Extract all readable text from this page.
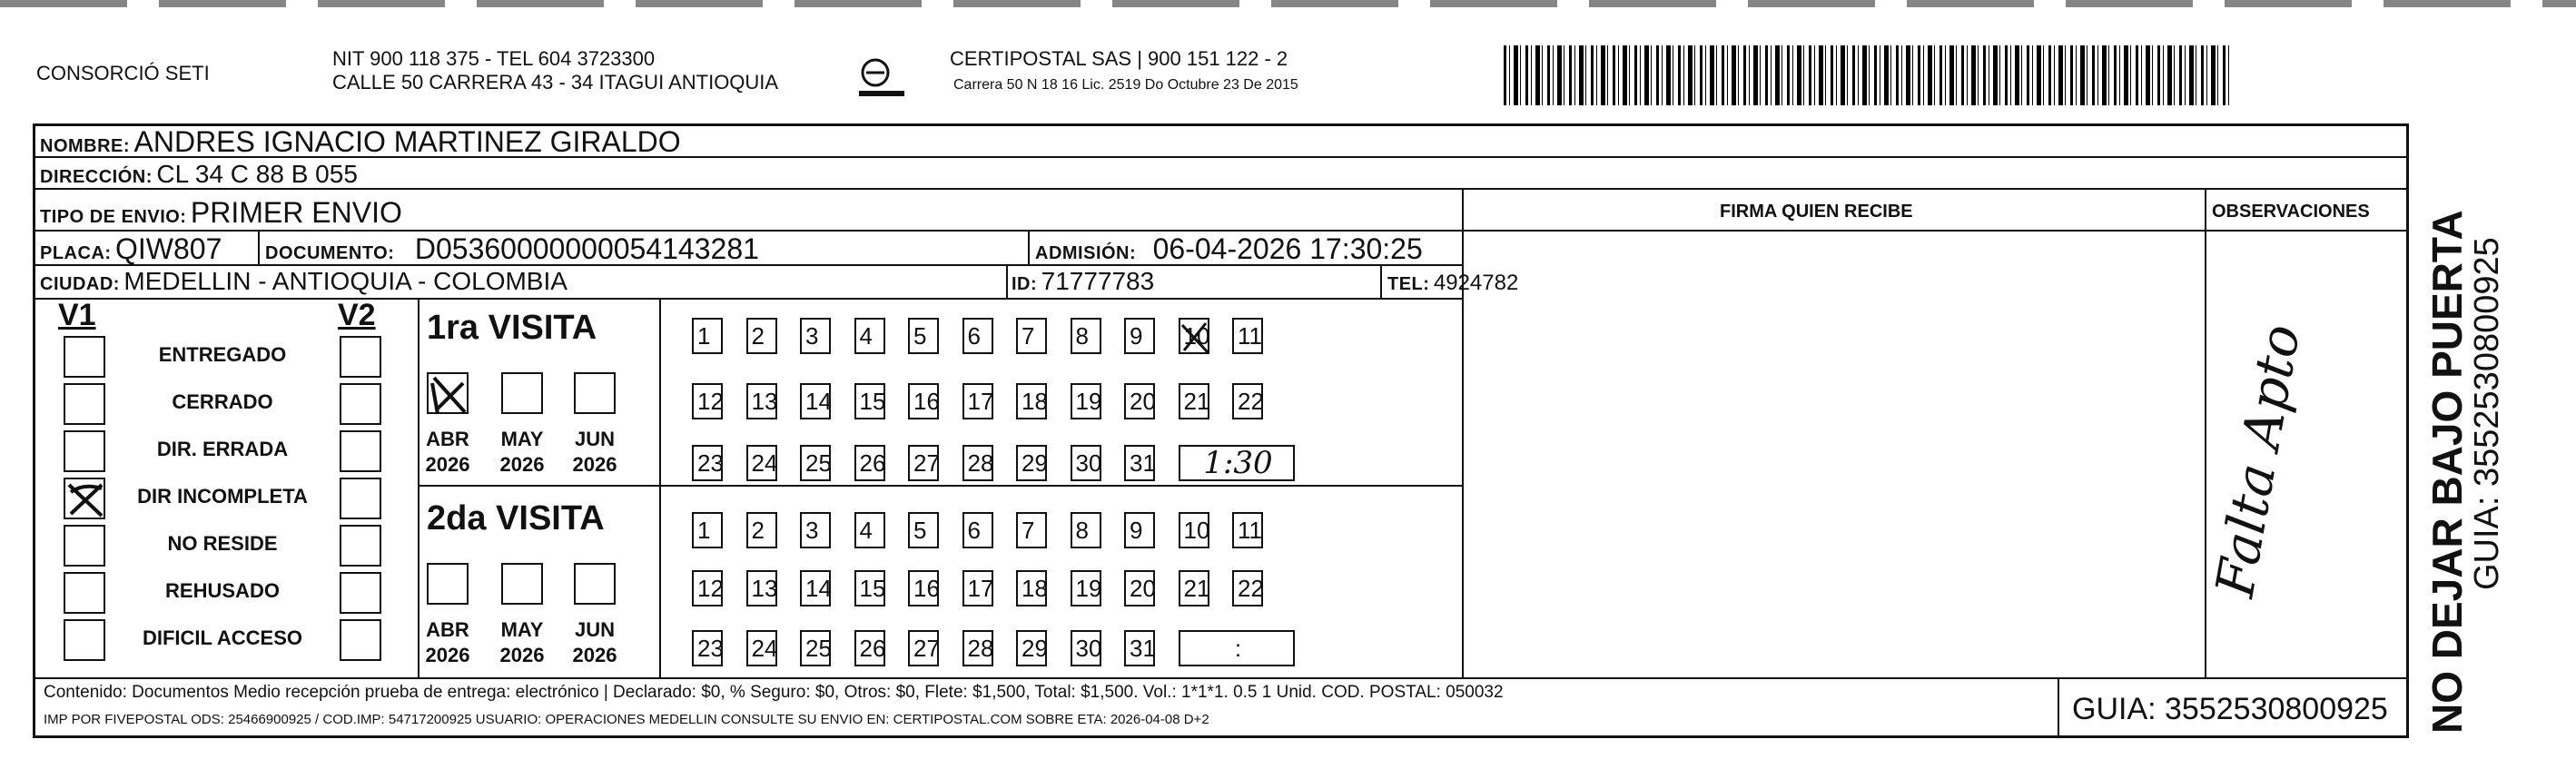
CONSORCIÓ SETI
NIT 900 118 375 - TEL 604 3723300
CALLE 50 CARRERA 43 - 34 ITAGUI ANTIOQUIA
CERTIPOSTAL SAS | 900 151 122 - 2
Carrera 50 N 18 16 Lic. 2519 Do Octubre 23 De 2015
NOMBRE: ANDRES IGNACIO MARTINEZ GIRALDO
DIRECCIÓN: CL 34 C 88 B 055
TIPO DE ENVIO: PRIMER ENVIO	FIRMA QUIEN RECIBE	OBSERVACIONES
PLACA: QIW807 DOCUMENTO: D05360000000054143281	ADMISIÓN: 06-04-2026 17:30:25
CIUDAD: MEDELLIN - ANTIOQUIA - COLOMBIA	ID: 71777783	TEL: 4924782
V1	V2
ENTREGADO
CERRADO
DIR. ERRADA
DIR INCOMPLETA
NO RESIDE
REHUSADO
DIFICIL ACCESO
1ra VISITA
2da VISITA
ABR
2026
MAY
2026
JUN
2026
ABR
2026
MAY
2026
JUN
2026
1	2	3	4	5	6	7	8	9	10 11
12 13 14 15 16 17 18 19 20 21 22
23 24 25 26 27 28 29 30 31	1:30
1	2	3	4	5	6	7	8	9	10 11
12 13 14 15 16 17 18 19 20 21 22
23 24 25 26 27 28 29 30 31	:
Falta Apto
Contenido: Documentos Medio recepción prueba de entrega: electrónico | Declarado: $0, % Seguro: $0, Otros: $0, Flete: $1,500, Total: $1,500. Vol.: 1*1*1. 0.5 1 Unid. COD. POSTAL: 050032
IMP POR FIVEPOSTAL ODS: 25466900925 / COD.IMP: 54717200925 USUARIO: OPERACIONES MEDELLIN CONSULTE SU ENVIO EN: CERTIPOSTAL.COM SOBRE ETA: 2026-04-08 D+2	GUIA: 3552530800925 NO DEJAR BAJO PUERTA
GUIA: 3552530800925
